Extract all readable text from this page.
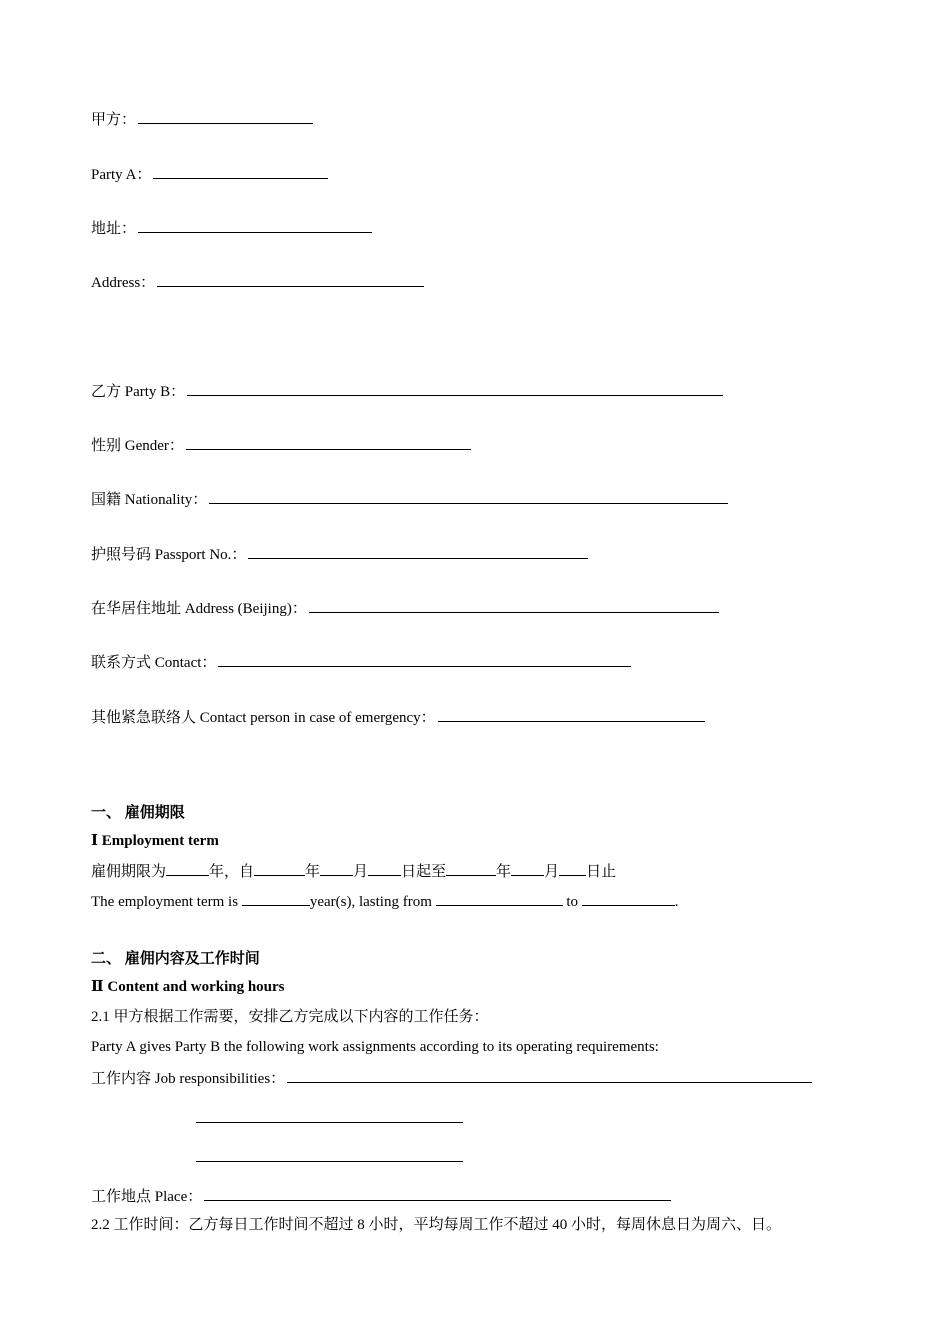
甲方：
Party A：
地址：
Address：
乙方 Party B：
性别 Gender：
国籍 Nationality：
护照号码 Passport No.：
在华居住地址 Address (Beijing)：
联系方式 Contact：
其他紧急联络人 Contact person in case of emergency：
一、 雇佣期限
Ⅰ Employment term
雇佣期限为	年，自	年 月 日起至	年 月 日止
The employment term is	year(s), lasting from	to	.
二、 雇佣内容及工作时间
Ⅱ Content and working hours
2.1 甲方根据工作需要，安排乙方完成以下内容的工作任务：
Party A gives Party B the following work assignments according to its operating requirements:
工作内容 Job responsibilities：
工作地点 Place：
2.2 工作时间：乙方每日工作时间不超过 8 小时，平均每周工作不超过 40 小时，每周休息日为周六、日。
